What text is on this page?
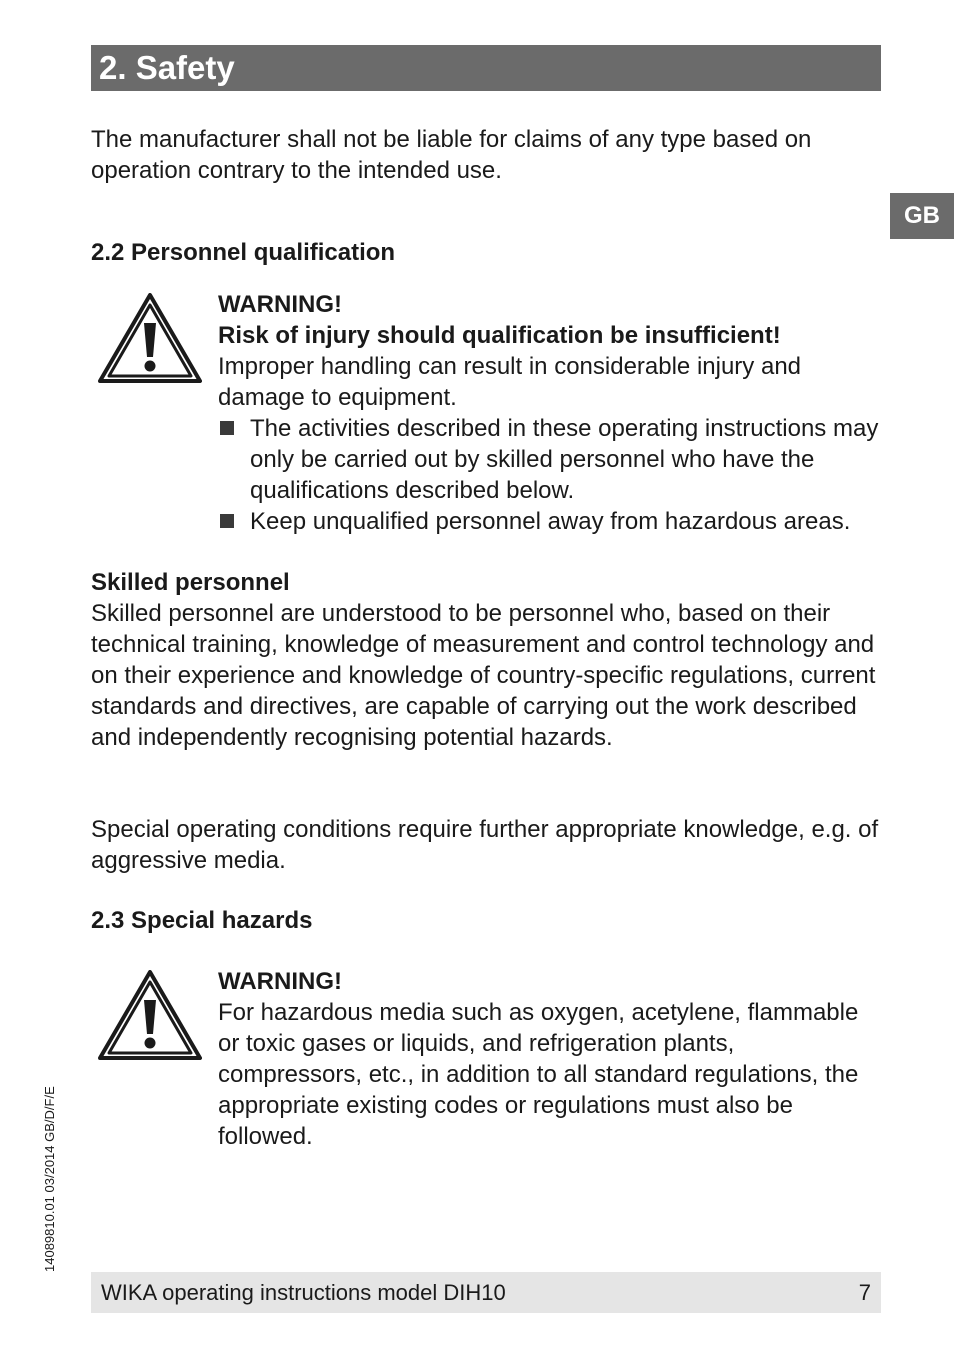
2. Safety
GB

The manufacturer shall not be liable for claims of any type based on operation contrary to the intended use.

2.2 Personnel qualification

WARNING!
Risk of injury should qualification be insufficient!
Improper handling can result in considerable injury and damage to equipment.
The activities described in these operating instructions may only be carried out by skilled personnel who have the qualifications described below.
Keep unqualified personnel away from hazardous areas.

Skilled personnel

Skilled personnel are understood to be personnel who, based on their technical training, knowledge of measurement and control technology and on their experience and knowledge of country-specific regulations, current standards and directives, are capable of carrying out the work described and independently recognising potential hazards.

Special operating conditions require further appropriate knowledge, e.g. of aggressive media.

2.3 Special hazards

WARNING!
For hazardous media such as oxygen, acetylene, flammable or toxic gases or liquids, and refrigeration plants, compressors, etc., in addition to all standard regulations, the appropriate existing codes or regulations must also be followed.
14089810.01 03/2014 GB/D/F/E
WIKA operating instructions model DIH10	7
